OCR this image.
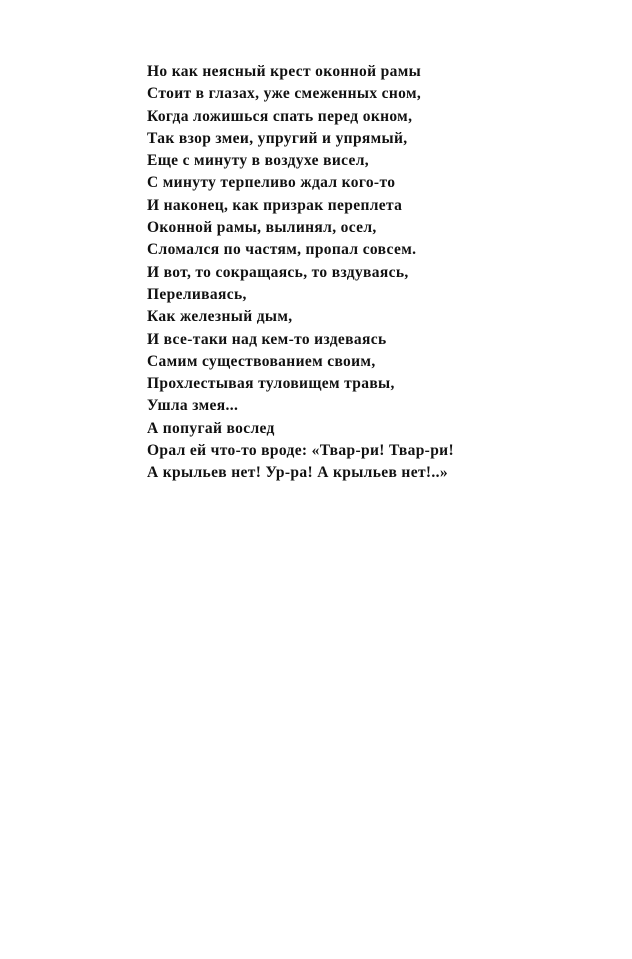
Но как неясный крест оконной рамы
Стоит в глазах, уже смеженных сном,
Когда ложишься спать перед окном,
Так взор змеи, упругий и упрямый,
Еще с минуту в воздухе висел,
С минуту терпеливо ждал кого-то
И наконец, как призрак переплета
Оконной рамы, вылинял, осел,
Сломался по частям, пропал совсем.
И вот, то сокращаясь, то вздуваясь,
Переливаясь,
Как железный дым,
И все-таки над кем-то издеваясь
Самим существованием своим,
Прохлестывая туловищем травы,
Ушла змея...
А попугай вослед
Орал ей что-то вроде: «Твар-ри! Твар-ри!
А крыльев нет! Ур-ра! А крыльев нет!..»
